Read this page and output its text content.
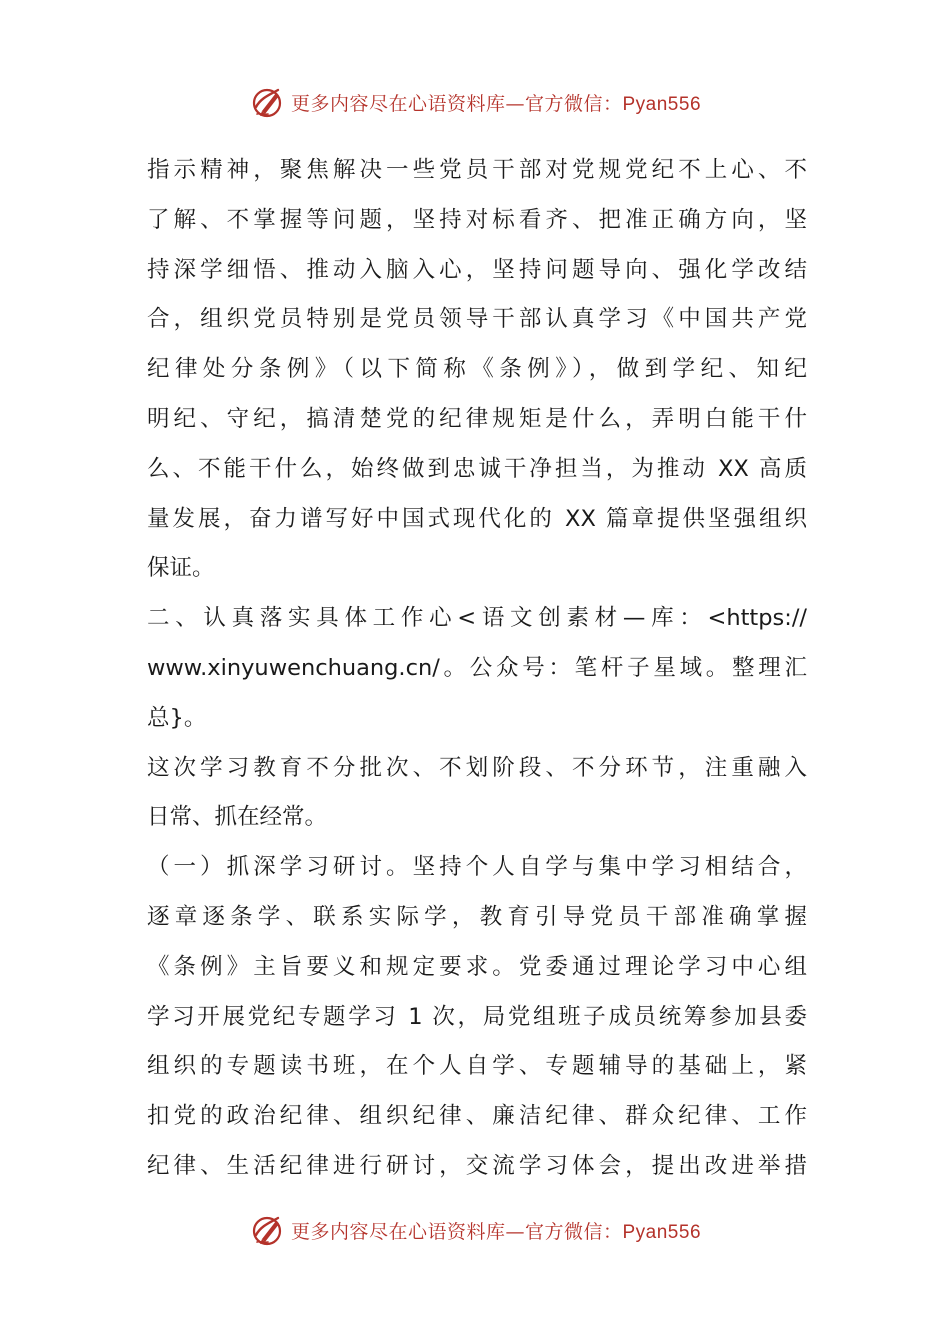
更多内容尽在心语资料库—官方微信：Pyan556
指示精神，聚焦解决一些党员干部对党规党纪不上心、不
了解、不掌握等问题，坚持对标看齐、把准正确方向，坚
持深学细悟、推动入脑入心，坚持问题导向、强化学改结
合，组织党员特别是党员领导干部认真学习《中国共产党
纪律处分条例》（以下简称《条例》），做到学纪、知纪
明纪、守纪，搞清楚党的纪律规矩是什么，弄明白能干什
么、不能干什么，始终做到忠诚干净担当，为推动 XX 高质
量发展，奋力谱写好中国式现代化的 XX 篇章提供坚强组织
保证。
二、认真落实具体工作心<语文创素材—库：<https://
www.xinyuwenchuang.cn/。公众号：笔杆子星域。整理汇
总}。
这次学习教育不分批次、不划阶段、不分环节，注重融入
日常、抓在经常。
（一）抓深学习研讨。坚持个人自学与集中学习相结合，
逐章逐条学、联系实际学，教育引导党员干部准确掌握
《条例》主旨要义和规定要求。党委通过理论学习中心组
学习开展党纪专题学习 1 次，局党组班子成员统筹参加县委
组织的专题读书班，在个人自学、专题辅导的基础上，紧
扣党的政治纪律、组织纪律、廉洁纪律、群众纪律、工作
纪律、生活纪律进行研讨，交流学习体会，提出改进举措
更多内容尽在心语资料库—官方微信：Pyan556
